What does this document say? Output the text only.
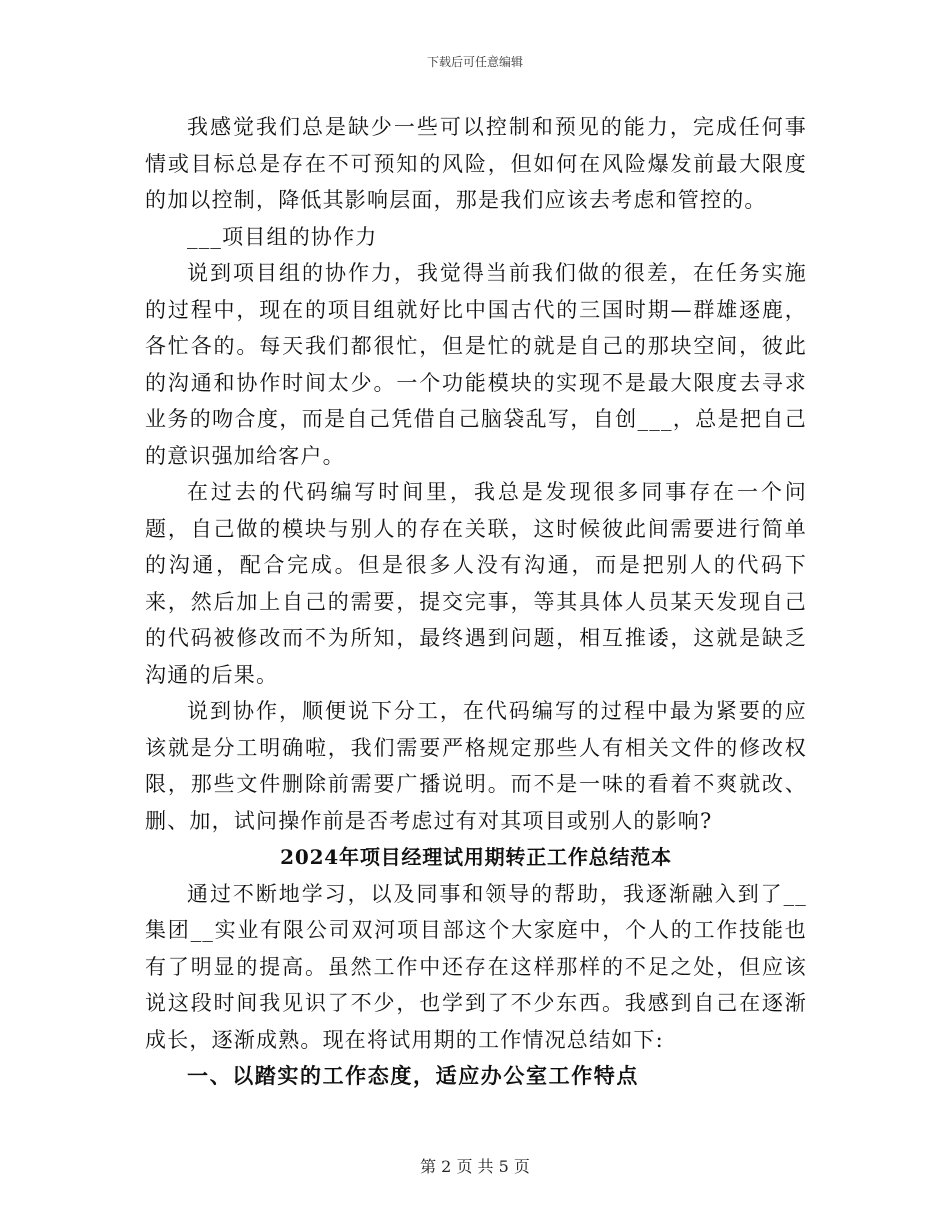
下载后可任意编辑

我感觉我们总是缺少一些可以控制和预见的能力，完成任何事情或目标总是存在不可预知的风险，但如何在风险爆发前最大限度的加以控制，降低其影响层面，那是我们应该去考虑和管控的。

___项目组的协作力

说到项目组的协作力，我觉得当前我们做的很差，在任务实施的过程中，现在的项目组就好比中国古代的三国时期—群雄逐鹿，各忙各的。每天我们都很忙，但是忙的就是自己的那块空间，彼此的沟通和协作时间太少。一个功能模块的实现不是最大限度去寻求业务的吻合度，而是自己凭借自己脑袋乱写，自创___，总是把自己的意识强加给客户。

在过去的代码编写时间里，我总是发现很多同事存在一个问题，自己做的模块与别人的存在关联，这时候彼此间需要进行简单的沟通，配合完成。但是很多人没有沟通，而是把别人的代码下来，然后加上自己的需要，提交完事，等其具体人员某天发现自己的代码被修改而不为所知，最终遇到问题，相互推诿，这就是缺乏沟通的后果。

说到协作，顺便说下分工，在代码编写的过程中最为紧要的应该就是分工明确啦，我们需要严格规定那些人有相关文件的修改权限，那些文件删除前需要广播说明。而不是一味的看着不爽就改、删、加，试问操作前是否考虑过有对其项目或别人的影响?

2024年项目经理试用期转正工作总结范本

通过不断地学习，以及同事和领导的帮助，我逐渐融入到了__集团__实业有限公司双河项目部这个大家庭中，个人的工作技能也有了明显的提高。虽然工作中还存在这样那样的不足之处，但应该说这段时间我见识了不少，也学到了不少东西。我感到自己在逐渐成长，逐渐成熟。现在将试用期的工作情况总结如下:

一、以踏实的工作态度，适应办公室工作特点
第 2 页 共 5 页
